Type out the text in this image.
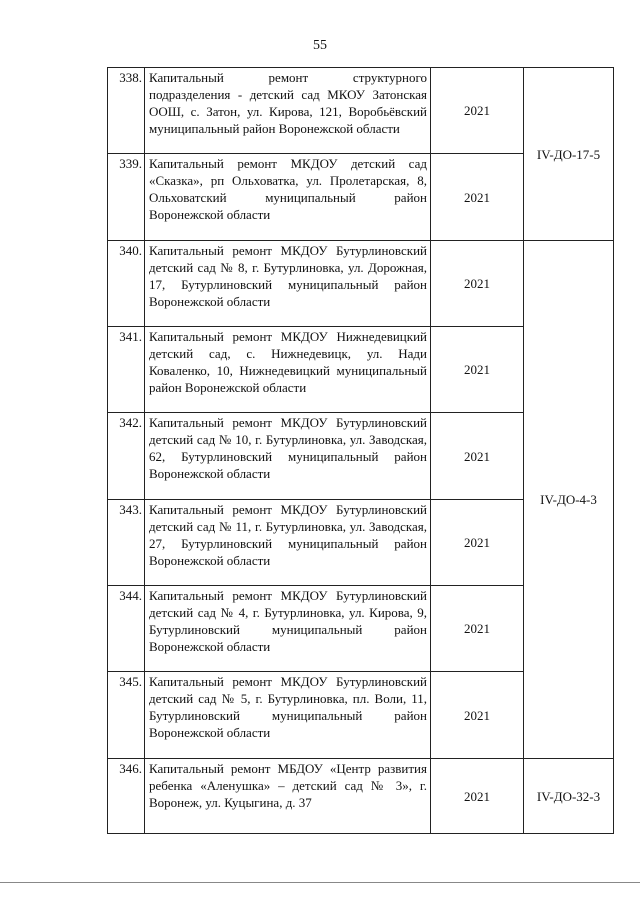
55
338.	Капитальный ремонт структурного подразделения - детский сад МКОУ Затонская ООШ, с. Затон, ул. Кирова, 121, Воробьёвский муниципальный район Воронежской области	2021	IV-ДО-17-5
339.	Капитальный ремонт МКДОУ детский сад «Сказка», рп Ольховатка, ул. Пролетарская, 8, Ольховатский муниципальный район Воронежской области	2021	
340.	Капитальный ремонт МКДОУ Бутурлиновский детский сад № 8, г. Бутурлиновка, ул. Дорожная, 17, Бутурлиновский муниципальный район Воронежской области	2021	IV-ДО-4-3
341.	Капитальный ремонт МКДОУ Нижнедевицкий детский сад, с. Нижнедевицк, ул. Нади Коваленко, 10, Нижнедевицкий муниципальный район Воронежской области	2021	
342.	Капитальный ремонт МКДОУ Бутурлиновский детский сад № 10, г. Бутурлиновка, ул. Заводская, 62, Бутурлиновский муниципальный район Воронежской области	2021	
343.	Капитальный ремонт МКДОУ Бутурлиновский детский сад № 11, г. Бутурлиновка, ул. Заводская, 27, Бутурлиновский муниципальный район Воронежской области	2021	
344.	Капитальный ремонт МКДОУ Бутурлиновский детский сад № 4, г. Бутурлиновка, ул. Кирова, 9, Бутурлиновский муниципальный район Воронежской области	2021	
345.	Капитальный ремонт МКДОУ Бутурлиновский детский сад № 5, г. Бутурлиновка, пл. Воли, 11, Бутурлиновский муниципальный район Воронежской области	2021	
346.	Капитальный ремонт МБДОУ «Центр развития ребенка «Аленушка» – детский сад № 3», г. Воронеж, ул. Куцыгина, д. 37	2021	IV-ДО-32-3
